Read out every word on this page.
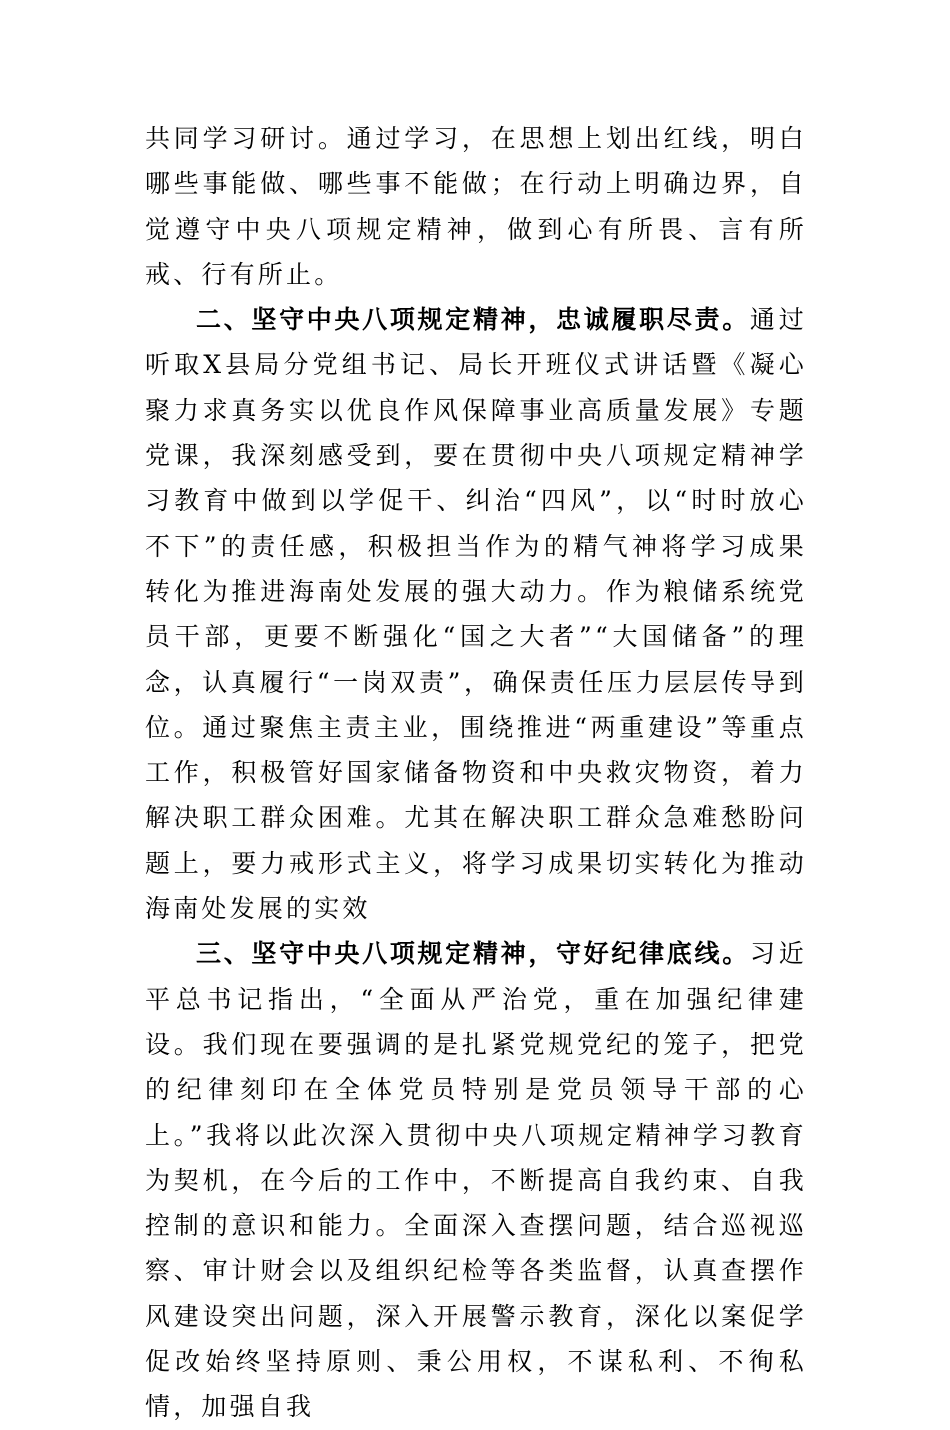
共同学习研讨。通过学习，在思想上划出红线，明白哪些事能做、哪些事不能做；在行动上明确边界，自觉遵守中央八项规定精神，做到心有所畏、言有所戒、行有所止。

二、坚守中央八项规定精神，忠诚履职尽责。通过听取X县局分党组书记、局长开班仪式讲话暨《凝心聚力求真务实以优良作风保障事业高质量发展》专题党课，我深刻感受到，要在贯彻中央八项规定精神学习教育中做到以学促干、纠治“四风”，以“时时放心不下”的责任感，积极担当作为的精气神将学习成果转化为推进海南处发展的强大动力。作为粮储系统党员干部，更要不断强化“国之大者”“大国储备”的理念，认真履行“一岗双责”，确保责任压力层层传导到位。通过聚焦主责主业，围绕推进“两重建设”等重点工作，积极管好国家储备物资和中央救灾物资，着力解决职工群众困难。尤其在解决职工群众急难愁盼问题上，要力戒形式主义，将学习成果切实转化为推动海南处发展的实效

三、坚守中央八项规定精神，守好纪律底线。习近平总书记指出，“全面从严治党，重在加强纪律建设。我们现在要强调的是扎紧党规党纪的笼子，把党的纪律刻印在全体党员特别是党员领导干部的心上。”我将以此次深入贯彻中央八项规定精神学习教育为契机，在今后的工作中，不断提高自我约束、自我控制的意识和能力。全面深入查摆问题，结合巡视巡察、审计财会以及组织纪检等各类监督，认真查摆作风建设突出问题，深入开展警示教育，深化以案促学促改始终坚持原则、秉公用权，不谋私利、不徇私情，加强自我
